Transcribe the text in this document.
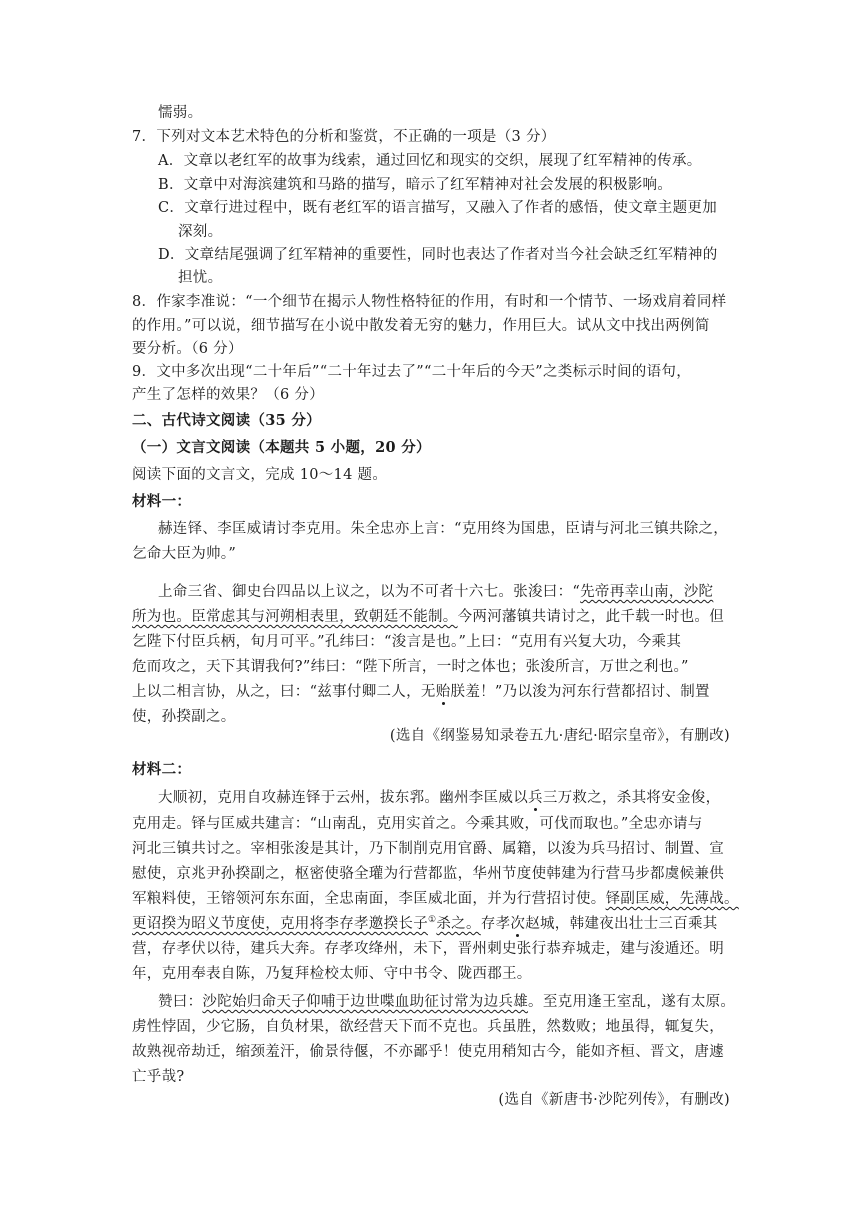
懦弱。
7．下列对文本艺术特色的分析和鉴赏，不正确的一项是（3 分）
A．文章以老红军的故事为线索，通过回忆和现实的交织，展现了红军精神的传承。
B．文章中对海滨建筑和马路的描写，暗示了红军精神对社会发展的积极影响。
C．文章行进过程中，既有老红军的语言描写，又融入了作者的感悟，使文章主题更加
深刻。
D．文章结尾强调了红军精神的重要性，同时也表达了作者对当今社会缺乏红军精神的
担忧。
8．作家李准说：“一个细节在揭示人物性格特征的作用，有时和一个情节、一场戏肩着同样
的作用。”可以说，细节描写在小说中散发着无穷的魅力，作用巨大。试从文中找出两例简
要分析。（6 分）
9．文中多次出现“二十年后”“二十年过去了”“二十年后的今天”之类标示时间的语句，
产生了怎样的效果？（6 分）
二、古代诗文阅读（35 分）
（一）文言文阅读（本题共 5 小题，20 分）
阅读下面的文言文，完成 10～14 题。
材料一：
赫连铎、李匡威请讨李克用。朱全忠亦上言：“克用终为国患，臣请与河北三镇共除之，
乞命大臣为帅。”
上命三省、御史台四品以上议之，以为不可者十六七。张浚曰：“先帝再幸山南，沙陀
所为也。臣常虑其与河朔相表里，致朝廷不能制。今两河藩镇共请讨之，此千载一时也。但
乞陛下付臣兵柄，旬月可平。”孔纬曰：“浚言是也。”上曰：“克用有兴复大功，今乘其
危而攻之，天下其谓我何?”纬曰：“陛下所言，一时之体也；张浚所言，万世之利也。”
上以二相言协，从之，曰：“兹事付卿二人，无贻朕羞！”乃以浚为河东行营都招讨、制置
使，孙揆副之。
(选自《纲鉴易知录卷五九·唐纪·昭宗皇帝》，有删改)
材料二：
大顺初，克用自攻赫连铎于云州，拔东郛。幽州李匡威以兵三万救之，杀其将安金俊，
克用走。铎与匡威共建言：“山南乱，克用实首之。今乘其败，可伐而取也。”全忠亦请与
河北三镇共讨之。宰相张浚是其计，乃下制削克用官爵、属籍，以浚为兵马招讨、制置、宣
慰使，京兆尹孙揆副之，枢密使骆全瓘为行营都监，华州节度使韩建为行营马步都虞候兼供
军粮料使，王镕领河东东面，全忠南面，李匡威北面，并为行营招讨使。铎副匡威，先薄战。
更诏揆为昭义节度使，克用将李存孝邀揆长子①杀之。存孝次赵城，韩建夜出壮士三百乘其
营，存孝伏以待，建兵大奔。存孝攻绛州，未下，晋州刺史张行恭弃城走，建与浚遁还。明
年，克用奉表自陈，乃复拜检校太师、守中书令、陇西郡王。
赞曰：沙陀始归命天子仰哺于边世喋血助征讨常为边兵雄。至克用逢王室乱，遂有太原。
虏性悖固，少它肠，自负材果，欲经营天下而不克也。兵虽胜，然数败；地虽得，辄复失，
故熟视帝劫迁，缩颈羞汗，偷景待偃，不亦鄙乎！使克用稍知古今，能如齐桓、晋文，唐遽
亡乎哉?
(选自《新唐书·沙陀列传》，有删改)
